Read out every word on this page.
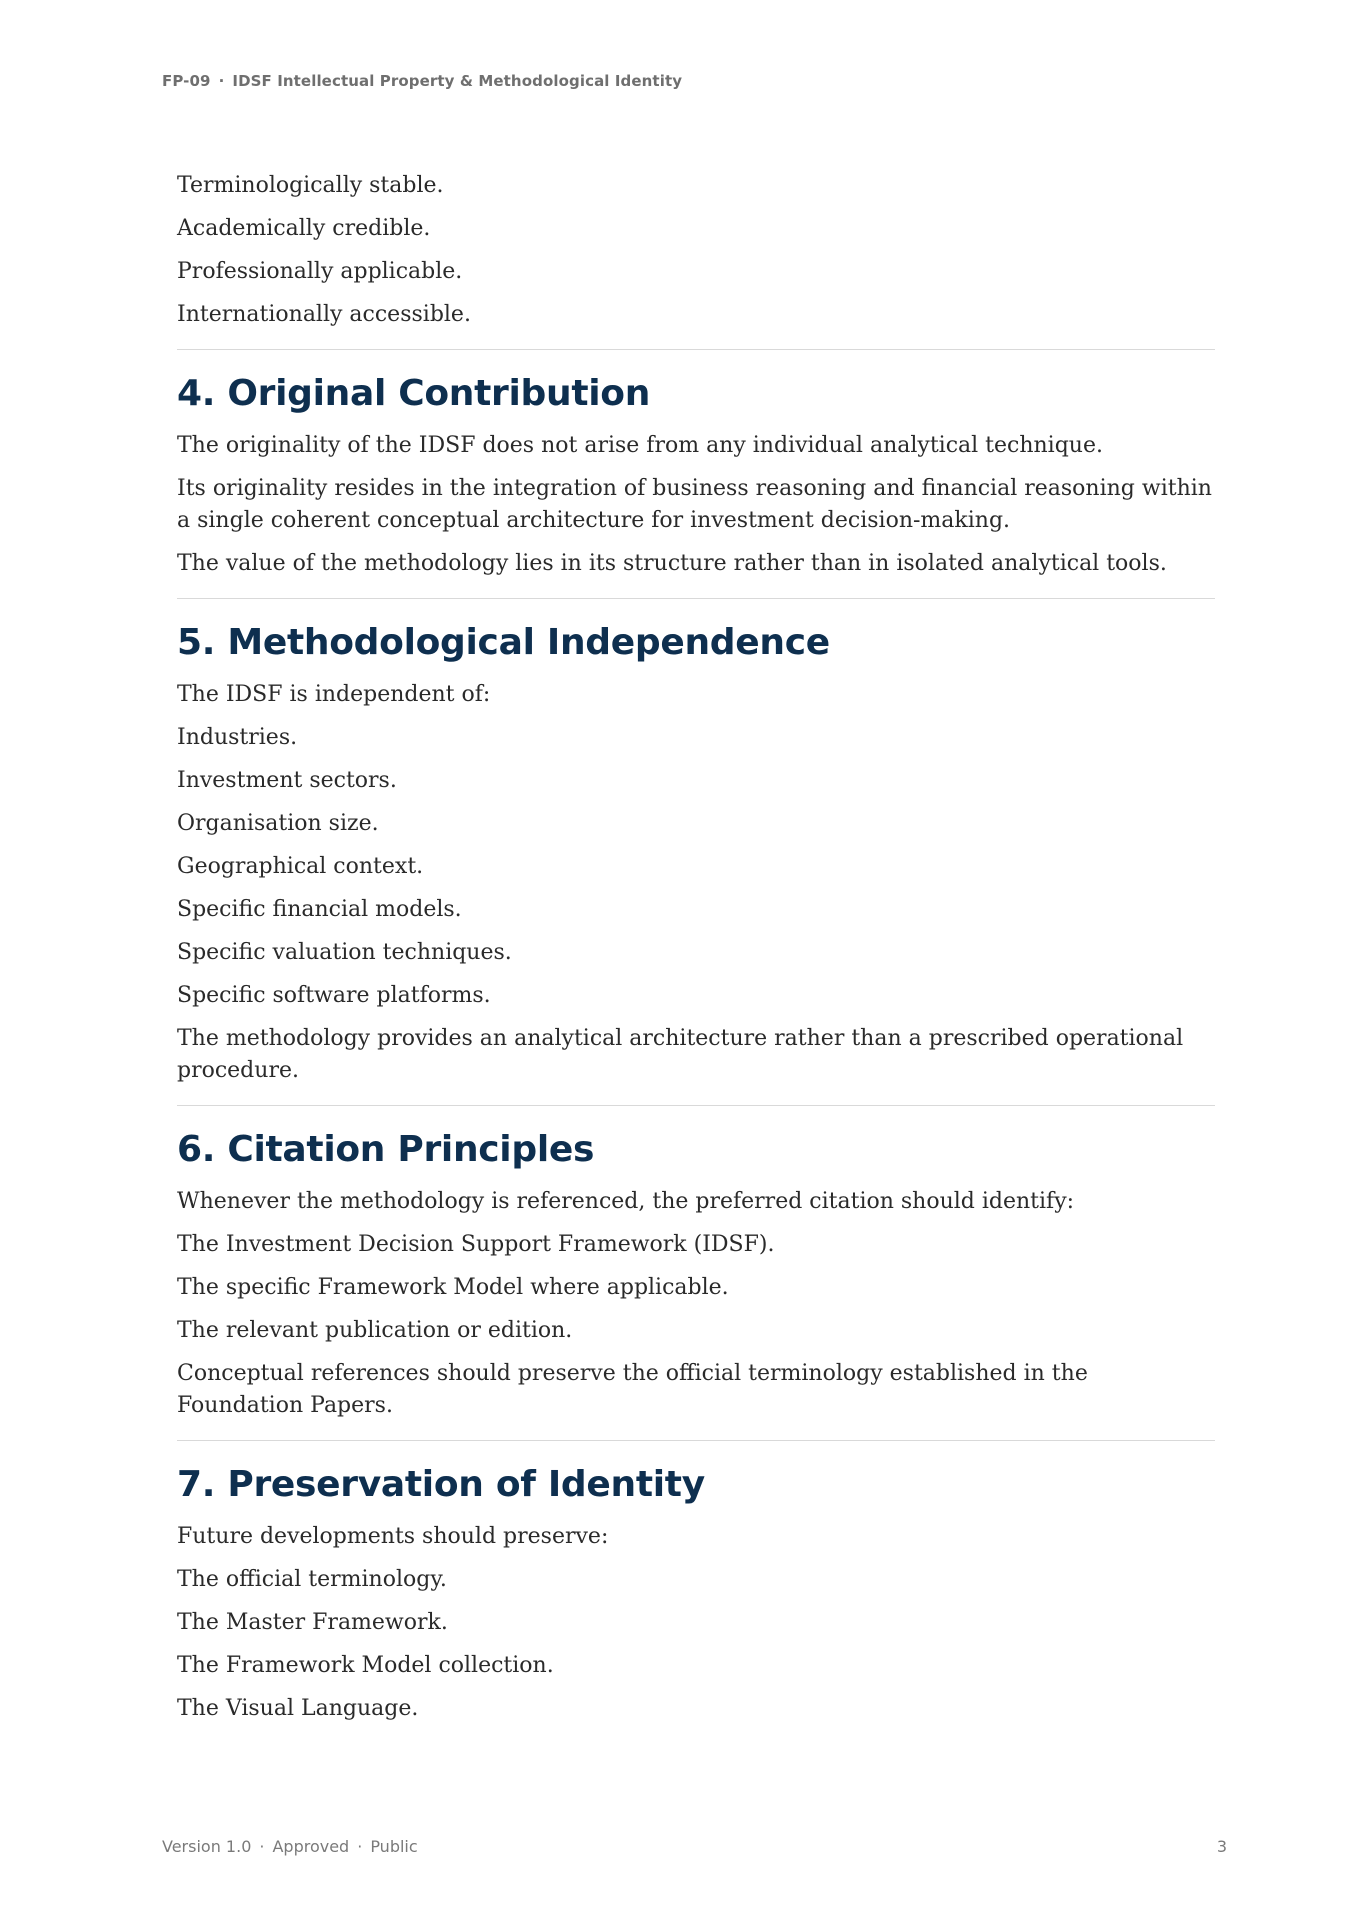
FP-09 · IDSF Intellectual Property & Methodological Identity

Terminologically stable.

Academically credible.

Professionally applicable.

Internationally accessible.

4. Original Contribution

The originality of the IDSF does not arise from any individual analytical technique.

Its originality resides in the integration of business reasoning and financial reasoning within a single coherent conceptual architecture for investment decision-making.

The value of the methodology lies in its structure rather than in isolated analytical tools.

5. Methodological Independence

The IDSF is independent of:

Industries.

Investment sectors.

Organisation size.

Geographical context.

Specific financial models.

Specific valuation techniques.

Specific software platforms.

The methodology provides an analytical architecture rather than a prescribed operational procedure.

6. Citation Principles

Whenever the methodology is referenced, the preferred citation should identify:

The Investment Decision Support Framework (IDSF).

The specific Framework Model where applicable.

The relevant publication or edition.

Conceptual references should preserve the official terminology established in the Foundation Papers.

7. Preservation of Identity

Future developments should preserve:

The official terminology.

The Master Framework.

The Framework Model collection.

The Visual Language.

Version 1.0 · Approved · Public	3
